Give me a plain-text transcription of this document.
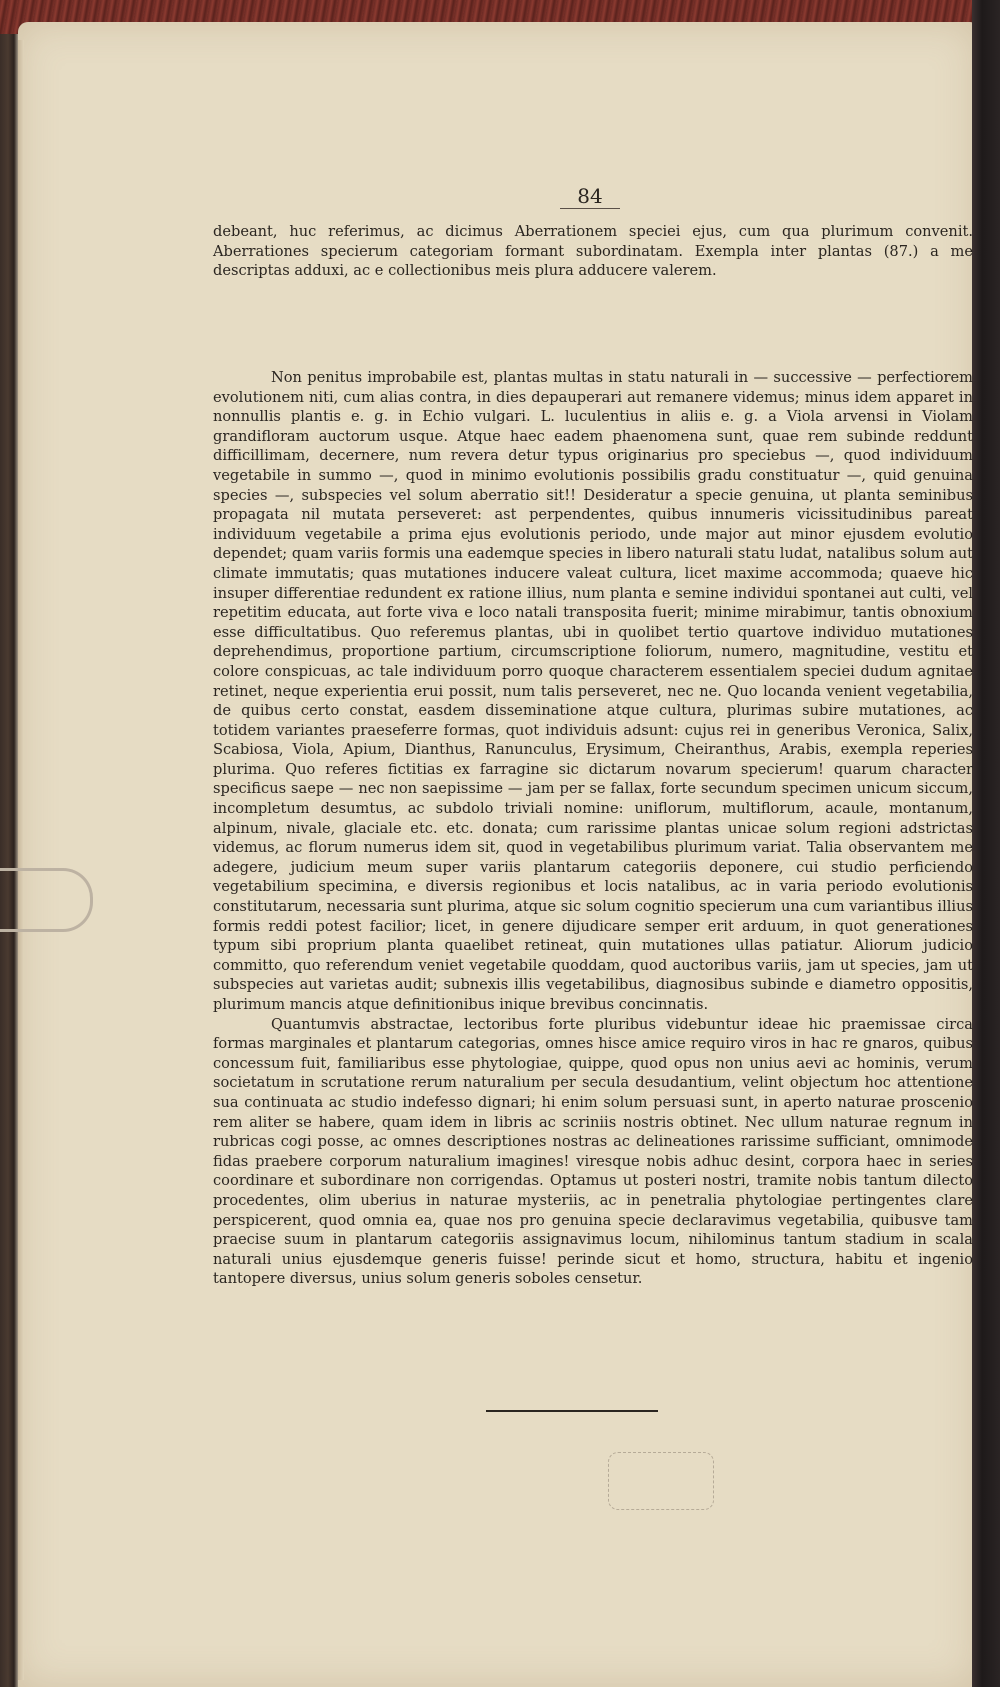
84

debeant, huc referimus, ac dicimus Aberrationem speciei ejus, cum qua plurimum convenit. Aberrationes specierum categoriam formant subordinatam. Exempla inter plantas (87.) a me descriptas adduxi, ac e collectionibus meis plura adducere valerem.

Non penitus improbabile est, plantas multas in statu naturali in — successive — perfectiorem evolutionem niti, cum alias contra, in dies depauperari aut remanere videmus; minus idem apparet in nonnullis plantis e. g. in Echio vulgari. L. luculentius in aliis e. g. a Viola arvensi in Violam grandifloram auctorum usque. Atque haec eadem phaenomena sunt, quae rem subinde reddunt difficillimam, decernere, num revera detur typus originarius pro speciebus —, quod individuum vegetabile in summo —, quod in minimo evolutionis possibilis gradu constituatur —, quid genuina species —, subspecies vel solum aberratio sit!! Desideratur a specie genuina, ut planta seminibus propagata nil mutata perseveret: ast perpendentes, quibus innumeris vicissitudinibus pareat individuum vegetabile a prima ejus evolutionis periodo, unde major aut minor ejusdem evolutio dependet; quam variis formis una eademque species in libero naturali statu ludat, natalibus solum aut climate immutatis; quas mutationes inducere valeat cultura, licet maxime accommoda; quaeve hic insuper differentiae redundent ex ratione illius, num planta e semine individui spontanei aut culti, vel repetitim educata, aut forte viva e loco natali transposita fuerit; minime mirabimur, tantis obnoxium esse difficultatibus. Quo referemus plantas, ubi in quolibet tertio quartove individuo mutationes deprehendimus, proportione partium, circumscriptione foliorum, numero, magnitudine, vestitu et colore conspicuas, ac tale individuum porro quoque characterem essentialem speciei dudum agnitae retinet, neque experientia erui possit, num talis perseveret, nec ne. Quo locanda venient vegetabilia, de quibus certo constat, easdem disseminatione atque cultura, plurimas subire mutationes, ac totidem variantes praeseferre formas, quot individuis adsunt: cujus rei in generibus Veronica, Salix, Scabiosa, Viola, Apium, Dianthus, Ranunculus, Erysimum, Cheiranthus, Arabis, exempla reperies plurima. Quo referes fictitias ex farragine sic dictarum novarum specierum! quarum character specificus saepe — nec non saepissime — jam per se fallax, forte secundum specimen unicum siccum, incompletum desumtus, ac subdolo triviali nomine: uniflorum, multiflorum, acaule, montanum, alpinum, nivale, glaciale etc. etc. donata; cum rarissime plantas unicae solum regioni adstrictas videmus, ac florum numerus idem sit, quod in vegetabilibus plurimum variat. Talia observantem me adegere, judicium meum super variis plantarum categoriis deponere, cui studio perficiendo vegetabilium specimina, e diversis regionibus et locis natalibus, ac in varia periodo evolutionis constitutarum, necessaria sunt plurima, atque sic solum cognitio specierum una cum variantibus illius formis reddi potest facilior; licet, in genere dijudicare semper erit arduum, in quot generationes typum sibi proprium planta quaelibet retineat, quin mutationes ullas patiatur. Aliorum judicio committo, quo referendum veniet vegetabile quoddam, quod auctoribus variis, jam ut species, jam ut subspecies aut varietas audit; subnexis illis vegetabilibus, diagnosibus subinde e diametro oppositis, plurimum mancis atque definitionibus inique brevibus concinnatis.

Quantumvis abstractae, lectoribus forte pluribus videbuntur ideae hic praemissae circa formas marginales et plantarum categorias, omnes hisce amice requiro viros in hac re gnaros, quibus concessum fuit, familiaribus esse phytologiae, quippe, quod opus non unius aevi ac hominis, verum societatum in scrutatione rerum naturalium per secula desudantium, velint objectum hoc attentione sua continuata ac studio indefesso dignari; hi enim solum persuasi sunt, in aperto naturae proscenio rem aliter se habere, quam idem in libris ac scriniis nostris obtinet. Nec ullum naturae regnum in rubricas cogi posse, ac omnes descriptiones nostras ac delineationes rarissime sufficiant, omnimode fidas praebere corporum naturalium imagines! viresque nobis adhuc desint, corpora haec in series coordinare et subordinare non corrigendas. Optamus ut posteri nostri, tramite nobis tantum dilecto procedentes, olim uberius in naturae mysteriis, ac in penetralia phytologiae pertingentes clare perspicerent, quod omnia ea, quae nos pro genuina specie declaravimus vegetabilia, quibusve tam praecise suum in plantarum categoriis assignavimus locum, nihilominus tantum stadium in scala naturali unius ejusdemque generis fuisse! perinde sicut et homo, structura, habitu et ingenio tantopere diversus, unius solum generis soboles censetur.
